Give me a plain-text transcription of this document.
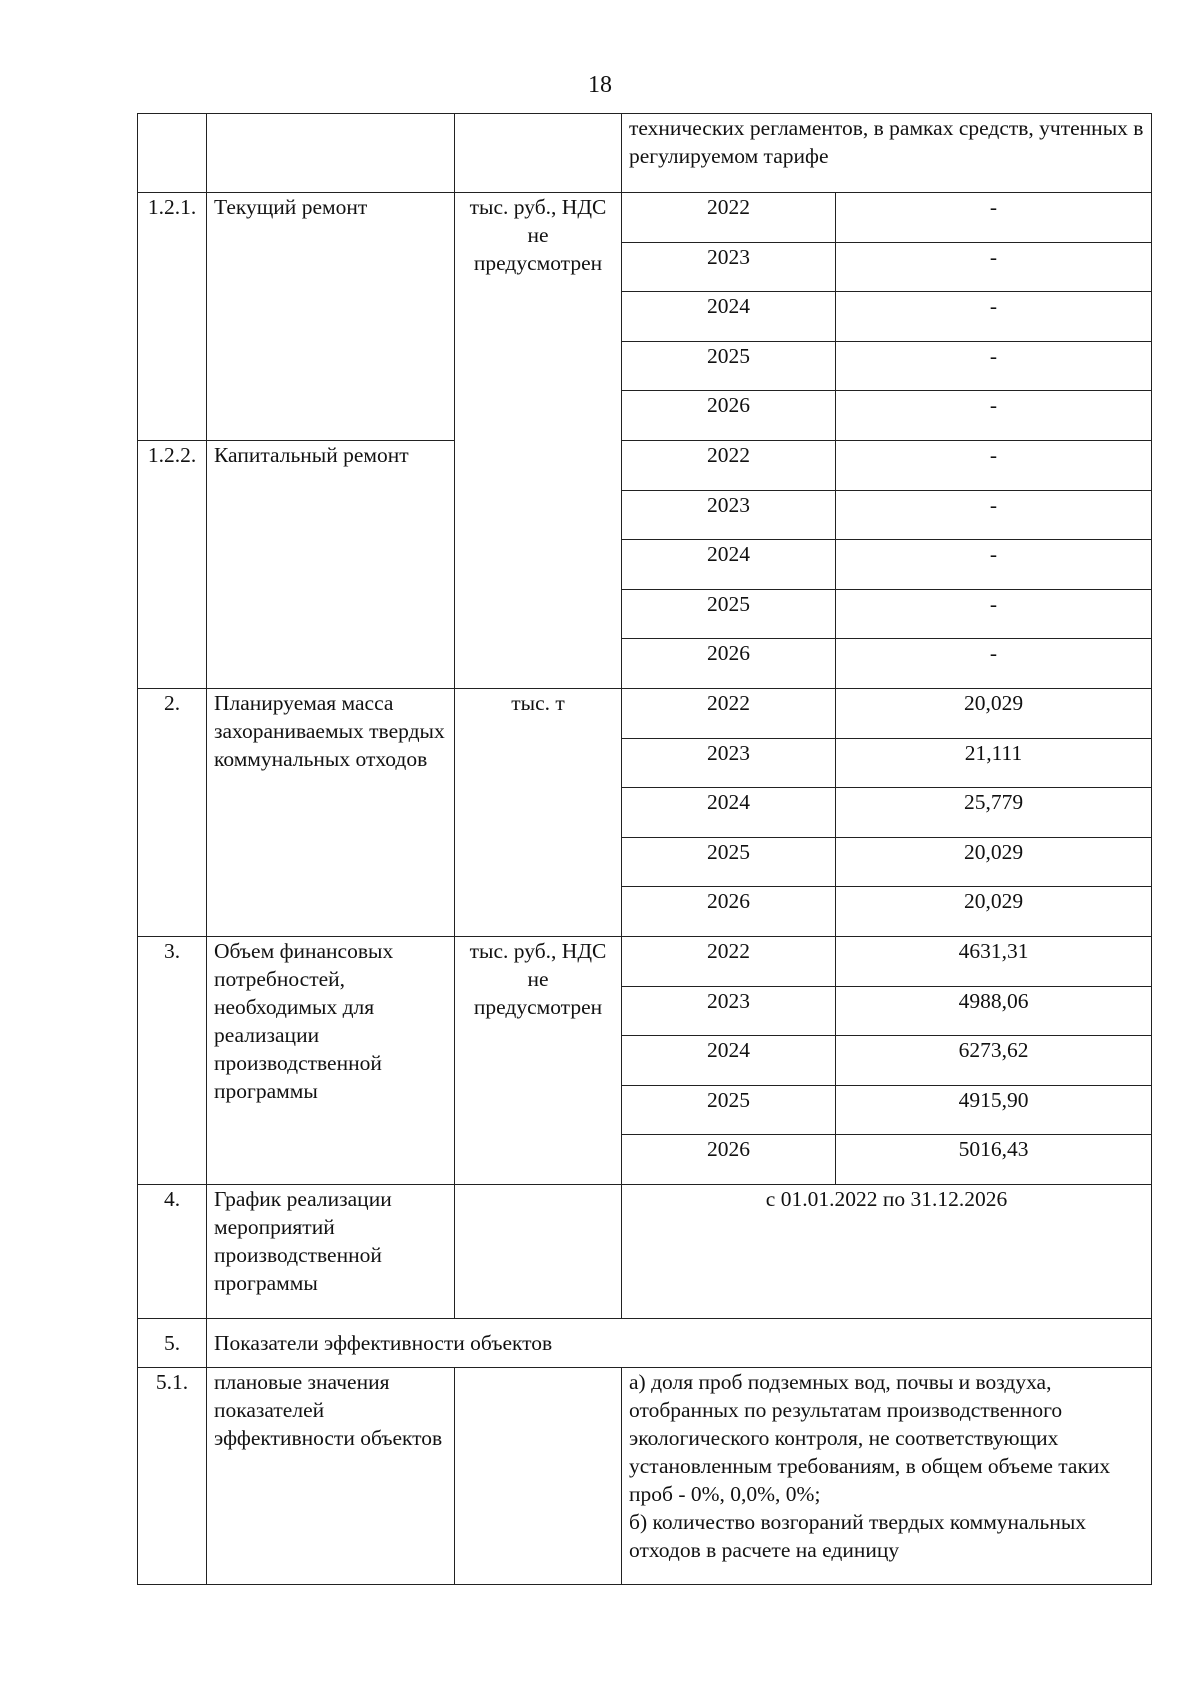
18
			технических регламентов, в рамках средств, учтенных в регулируемом тарифе	
1.2.1.	Текущий ремонт	тыс. руб., НДС не предусмотрен	2022	-
			2023	-
			2024	-
			2025	-
			2026	-
1.2.2.	Капитальный ремонт		2022	-
			2023	-
			2024	-
			2025	-
			2026	-
2.	Планируемая масса захораниваемых твердых коммунальных отходов	тыс. т	2022	20,029
			2023	21,111
			2024	25,779
			2025	20,029
			2026	20,029
3.	Объем финансовых потребностей, необходимых для реализации производственной программы	тыс. руб., НДС не предусмотрен	2022	4631,31
			2023	4988,06
			2024	6273,62
			2025	4915,90
			2026	5016,43
4.	График реализации мероприятий производственной программы		с 01.01.2022 по 31.12.2026	
5.	Показатели эффективности объектов			
5.1.	плановые значения показателей эффективности объектов		а) доля проб подземных вод, почвы и воздуха, отобранных по результатам производственного экологического контроля, не соответствующих установленным требованиям, в общем объеме таких проб - 0%, 0,0%, 0%;
б) количество возгораний твердых коммунальных отходов в расчете на единицу	
